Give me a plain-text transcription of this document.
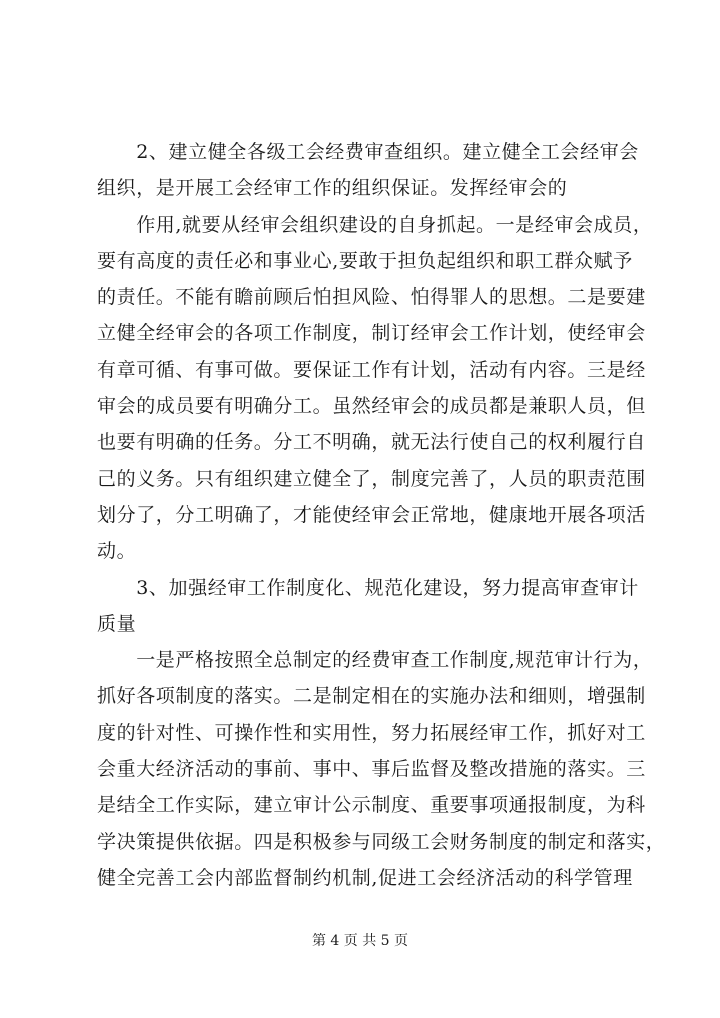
　　2、建立健全各级工会经费审查组织。建立健全工会经审会
组织，是开展工会经审工作的组织保证。发挥经审会的
　　作用,就要从经审会组织建设的自身抓起。一是经审会成员，
要有高度的责任必和事业心,要敢于担负起组织和职工群众赋予
的责任。不能有瞻前顾后怕担风险、怕得罪人的思想。二是要建
立健全经审会的各项工作制度，制订经审会工作计划，使经审会
有章可循、有事可做。要保证工作有计划，活动有内容。三是经
审会的成员要有明确分工。虽然经审会的成员都是兼职人员，但
也要有明确的任务。分工不明确，就无法行使自己的权利履行自
己的义务。只有组织建立健全了，制度完善了，人员的职责范围
划分了，分工明确了，才能使经审会正常地，健康地开展各项活
动。
　　3、加强经审工作制度化、规范化建设，努力提高审查审计
质量
　　一是严格按照全总制定的经费审查工作制度,规范审计行为，
抓好各项制度的落实。二是制定相在的实施办法和细则，增强制
度的针对性、可操作性和实用性，努力拓展经审工作，抓好对工
会重大经济活动的事前、事中、事后监督及整改措施的落实。三
是结全工作实际，建立审计公示制度、重要事项通报制度，为科
学决策提供依据。四是积极参与同级工会财务制度的制定和落实，
健全完善工会内部监督制约机制,促进工会经济活动的科学管理
第 4 页 共 5 页
